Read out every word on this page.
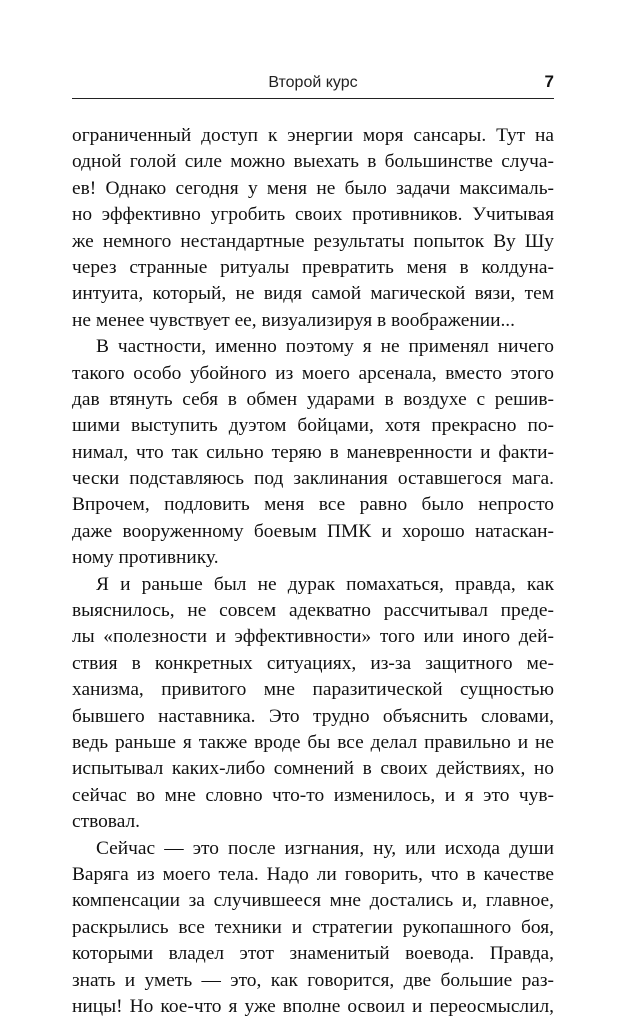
Второй курс	7
ограниченный доступ к энергии моря сансары. Тут на
одной голой силе можно выехать в большинстве случа-
ев! Однако сегодня у меня не было задачи максималь-
но эффективно угробить своих противников. Учитывая
же немного нестандартные результаты попыток Ву Шу
через странные ритуалы превратить меня в колдуна-
интуита, который, не видя самой магической вязи, тем
не менее чувствует ее, визуализируя в воображении...
В частности, именно поэтому я не применял ничего
такого особо убойного из моего арсенала, вместо этого
дав втянуть себя в обмен ударами в воздухе с решив-
шими выступить дуэтом бойцами, хотя прекрасно по-
нимал, что так сильно теряю в маневренности и факти-
чески подставляюсь под заклинания оставшегося мага.
Впрочем, подловить меня все равно было непросто
даже вооруженному боевым ПМК и хорошо натаскан-
ному противнику.
Я и раньше был не дурак помахаться, правда, как
выяснилось, не совсем адекватно рассчитывал преде-
лы «полезности и эффективности» того или иного дей-
ствия в конкретных ситуациях, из-за защитного ме-
ханизма, привитого мне паразитической сущностью
бывшего наставника. Это трудно объяснить словами,
ведь раньше я также вроде бы все делал правильно и не
испытывал каких-либо сомнений в своих действиях, но
сейчас во мне словно что-то изменилось, и я это чув-
ствовал.
Сейчас — это после изгнания, ну, или исхода души
Варяга из моего тела. Надо ли говорить, что в качестве
компенсации за случившееся мне достались и, главное,
раскрылись все техники и стратегии рукопашного боя,
которыми владел этот знаменитый воевода. Правда,
знать и уметь — это, как говорится, две большие раз-
ницы! Но кое-что я уже вполне освоил и переосмыслил,
